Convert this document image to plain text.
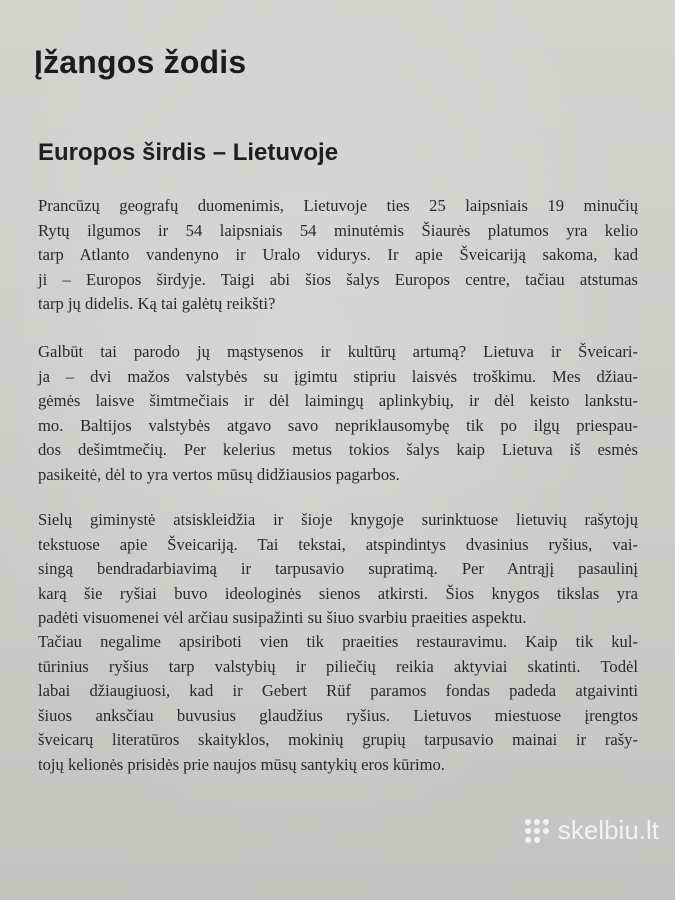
Įžangos žodis
Europos širdis – Lietuvoje

Prancūzų geografų duomenimis, Lietuvoje ties 25 laipsniais 19 minučių
Rytų ilgumos ir 54 laipsniais 54 minutėmis Šiaurės platumos yra kelio
tarp Atlanto vandenyno ir Uralo vidurys. Ir apie Šveicariją sakoma, kad
ji – Europos širdyje. Taigi abi šios šalys Europos centre, tačiau atstumas
tarp jų didelis. Ką tai galėtų reikšti?

Galbūt tai parodo jų mąstysenos ir kultūrų artumą? Lietuva ir Šveicari-
ja – dvi mažos valstybės su įgimtu stipriu laisvės troškimu. Mes džiau-
gėmės laisve šimtmečiais ir dėl laimingų aplinkybių, ir dėl keisto lankstu-
mo. Baltijos valstybės atgavo savo nepriklausomybę tik po ilgų priespau-
dos dešimtmečių. Per kelerius metus tokios šalys kaip Lietuva iš esmės
pasikeitė, dėl to yra vertos mūsų didžiausios pagarbos.

Sielų giminystė atsiskleidžia ir šioje knygoje surinktuose lietuvių rašytojų
tekstuose apie Šveicariją. Tai tekstai, atspindintys dvasinius ryšius, vai-
singą bendradarbiavimą ir tarpusavio supratimą. Per Antrąjį pasaulinį
karą šie ryšiai buvo ideologinės sienos atkirsti. Šios knygos tikslas yra
padėti visuomenei vėl arčiau susipažinti su šiuo svarbiu praeities aspektu.

Tačiau negalime apsiriboti vien tik praeities restauravimu. Kaip tik kul-
tūrinius ryšius tarp valstybių ir piliečių reikia aktyviai skatinti. Todėl
labai džiaugiuosi, kad ir Gebert Rüf paramos fondas padeda atgaivinti
šiuos anksčiau buvusius glaudžius ryšius. Lietuvos miestuose įrengtos
šveicarų literatūros skaityklos, mokinių grupių tarpusavio mainai ir rašy-
tojų kelionės prisidės prie naujos mūsų santykių eros kūrimo.

skelbiu.lt
